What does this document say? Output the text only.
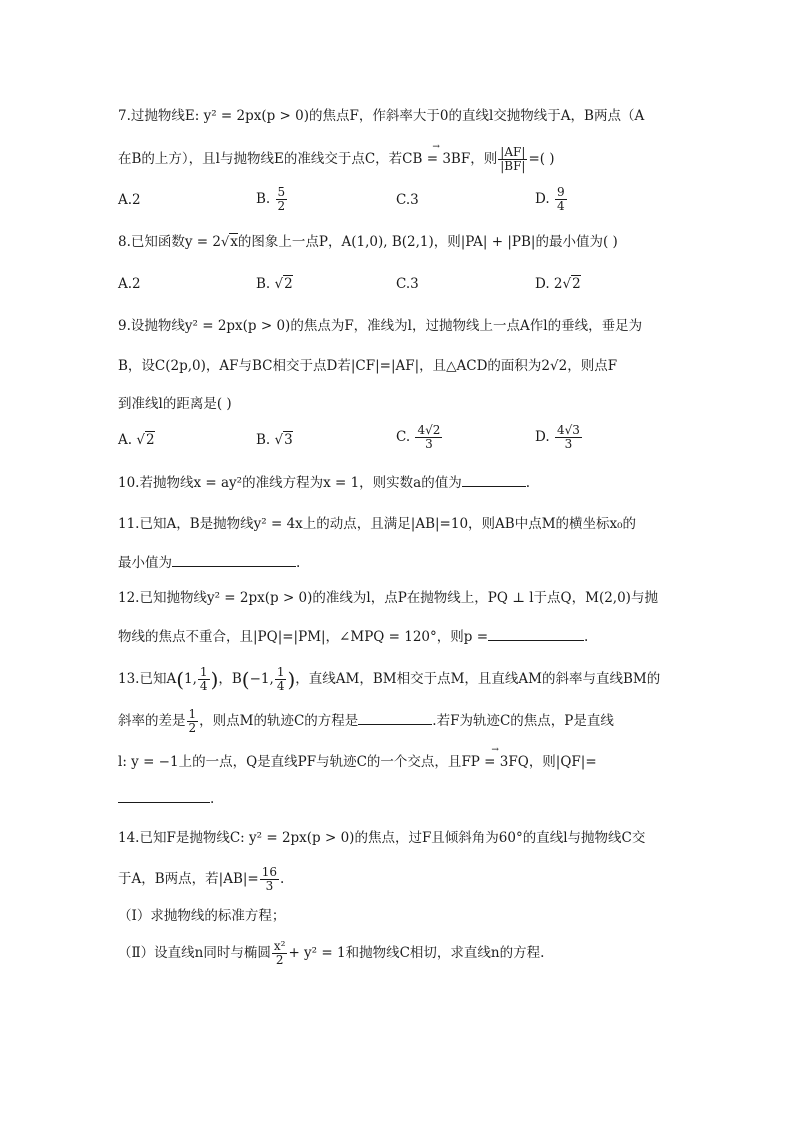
7.过抛物线E: y² = 2px(p > 0)的焦点F，作斜率大于0的直线l交抛物线于A，B两点（A
在B的上方），且l与抛物线E的准线交于点C，若→ CB = 3BF，则 $\frac{|AF|}{|BF|}$ =( )
A.2	B. $\frac{5}{2}$	C.3	D. $\frac{9}{4}$
8.已知函数y = 2√x的图象上一点P，A(1,0), B(2,1)，则|PA| + |PB|的最小值为( )
A.2	B. √2	C.3	D. 2√2
9.设抛物线y² = 2px(p > 0)的焦点为F，准线为l，过抛物线上一点A作l的垂线，垂足为
B，设C(2p,0)，AF与BC相交于点D若|CF|=|AF|，且△ACD的面积为2√2，则点F
到准线l的距离是( )
A. √2	B. √3	C. $\frac{4√2}{3}$	D. $\frac{4√3}{3}$
10.若抛物线x = ay²的准线方程为x = 1，则实数a的值为	.
11.已知A，B是抛物线y² = 4x上的动点，且满足|AB|=10，则AB中点M的横坐标x₀的
最小值为	.
12.已知抛物线y² = 2px(p > 0)的准线为l，点P在抛物线上，PQ ⊥ l于点Q，M(2,0)与抛
物线的焦点不重合，且|PQ|=|PM|，∠MPQ = 120°，则p =	.
13.已知A(1, $\frac{1}{4}$ )，B(−1, $\frac{1}{4}$ )，直线AM，BM相交于点M，且直线AM的斜率与直线BM的
斜率的差是 $\frac{1}{2}$ ，则点M的轨迹C的方程是	.若F为轨迹C的焦点，P是直线
l: y = −1上的一点，Q是直线PF与轨迹C的一个交点，且→ FP = 3FQ，则|QF|=
.
14.已知F是抛物线C: y² = 2px(p > 0)的焦点，过F且倾斜角为60°的直线l与抛物线C交
于A，B两点，若$|AB|= \frac{16}{3}$ .
（I）求抛物线的标准方程；
（Ⅱ）设直线n同时与椭圆 $\frac{\text{x²}}{2} + y^2 = 1$和抛物线C相切，求直线n的方程.
